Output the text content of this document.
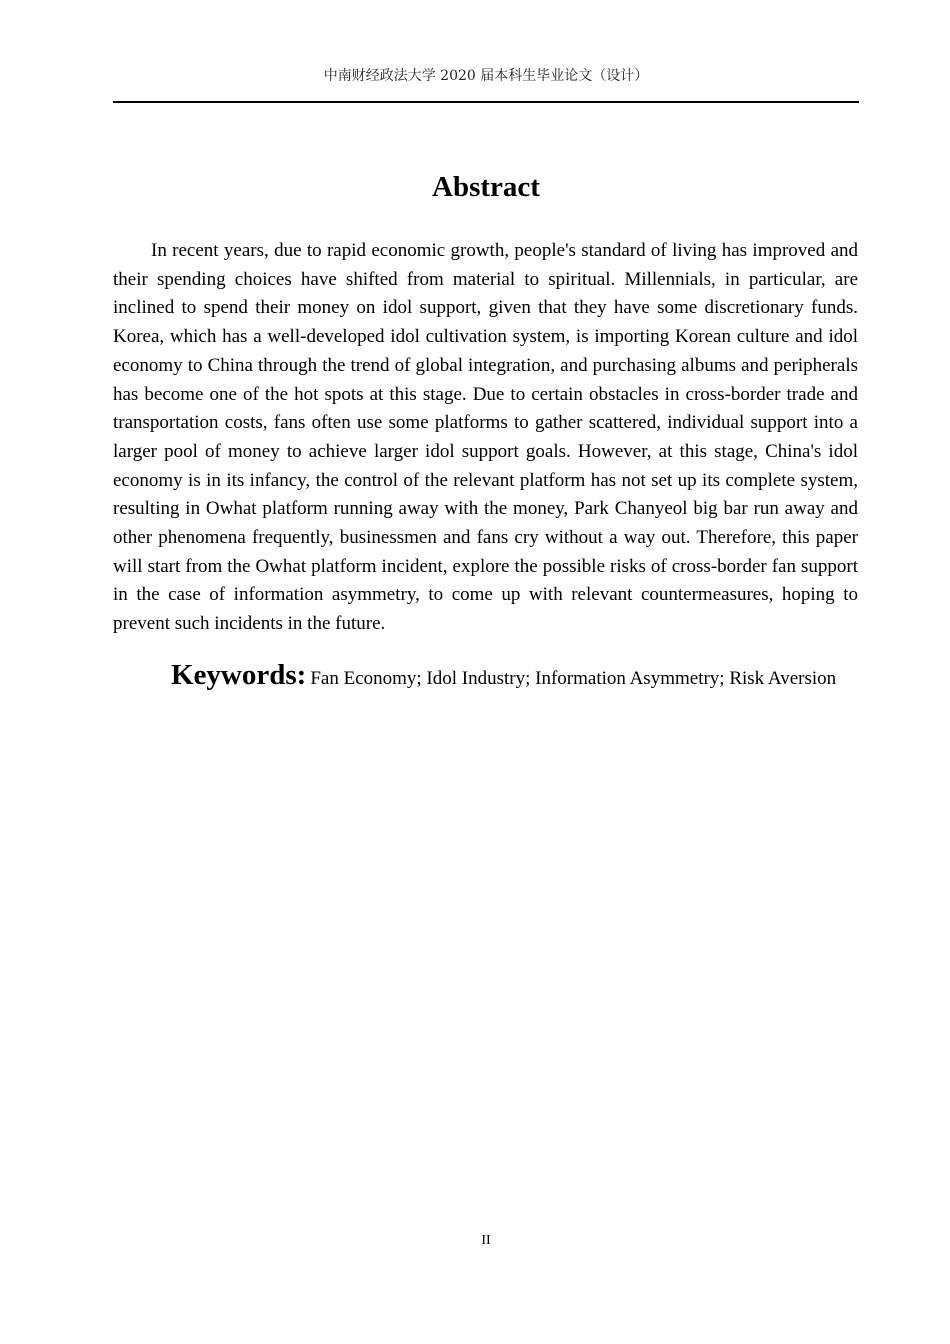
中南财经政法大学 2020 届本科生毕业论文（设计）
Abstract

In recent years, due to rapid economic growth, people's standard of living has improved and their spending choices have shifted from material to spiritual. Millennials, in particular, are inclined to spend their money on idol support, given that they have some discretionary funds. Korea, which has a well-developed idol cultivation system, is importing Korean culture and idol economy to China through the trend of global integration, and purchasing albums and peripherals has become one of the hot spots at this stage. Due to certain obstacles in cross-border trade and transportation costs, fans often use some platforms to gather scattered, individual support into a larger pool of money to achieve larger idol support goals. However, at this stage, China's idol economy is in its infancy, the control of the relevant platform has not set up its complete system, resulting in Owhat platform running away with the money, Park Chanyeol big bar run away and other phenomena frequently, businessmen and fans cry without a way out. Therefore, this paper will start from the Owhat platform incident, explore the possible risks of cross-border fan support in the case of information asymmetry, to come up with relevant countermeasures, hoping to prevent such incidents in the future.

Keywords: Fan Economy; Idol Industry; Information Asymmetry; Risk Aversion

II
